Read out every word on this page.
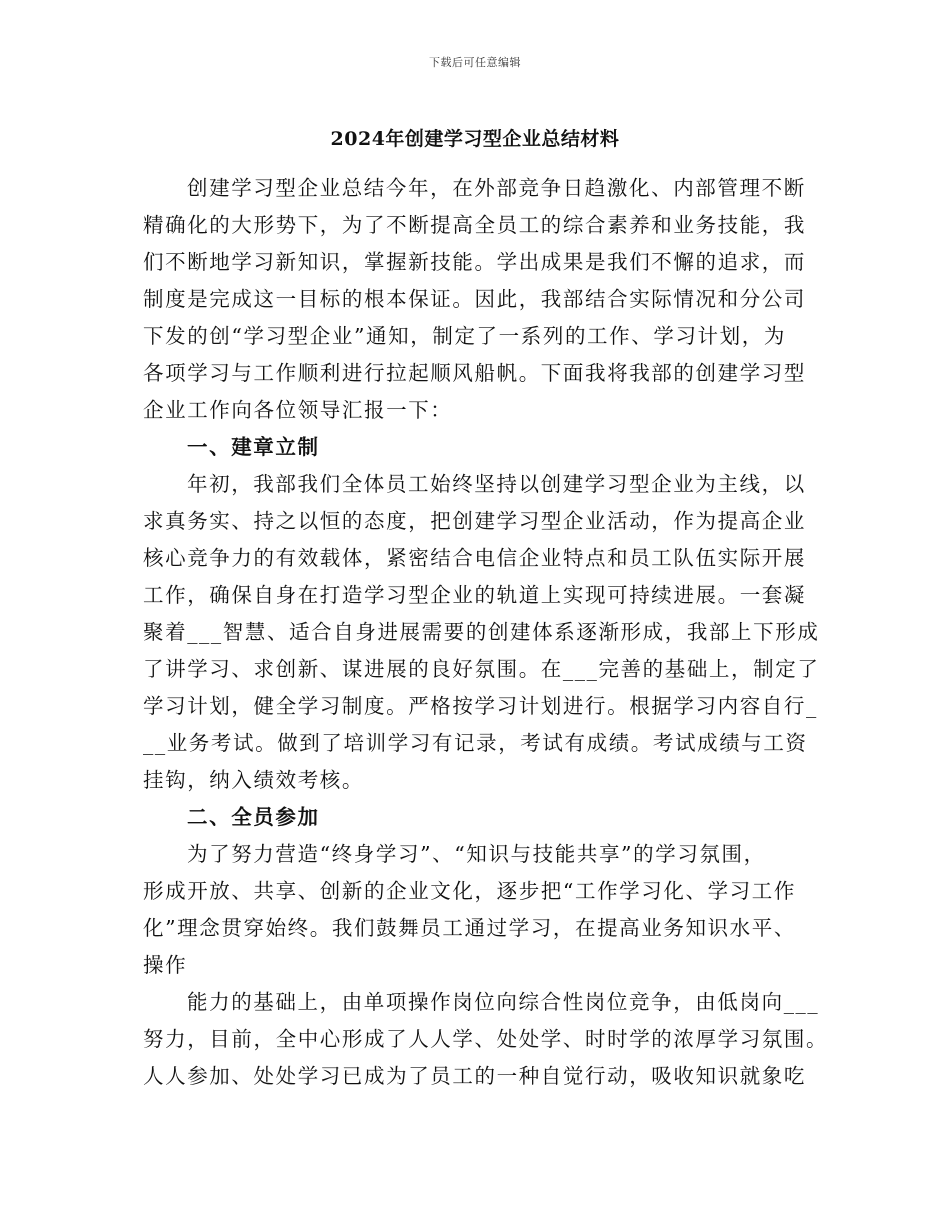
下载后可任意编辑
2024年创建学习型企业总结材料
创建学习型企业总结今年，在外部竞争日趋激化、内部管理不断
精确化的大形势下，为了不断提高全员工的综合素养和业务技能，我
们不断地学习新知识，掌握新技能。学出成果是我们不懈的追求，而
制度是完成这一目标的根本保证。因此，我部结合实际情况和分公司
下发的创“学习型企业”通知，制定了一系列的工作、学习计划，为
各项学习与工作顺利进行拉起顺风船帆。下面我将我部的创建学习型
企业工作向各位领导汇报一下：
一、建章立制
年初，我部我们全体员工始终坚持以创建学习型企业为主线，以
求真务实、持之以恒的态度，把创建学习型企业活动，作为提高企业
核心竞争力的有效载体，紧密结合电信企业特点和员工队伍实际开展
工作，确保自身在打造学习型企业的轨道上实现可持续进展。一套凝
聚着___智慧、适合自身进展需要的创建体系逐渐形成，我部上下形成
了讲学习、求创新、谋进展的良好氛围。在___完善的基础上，制定了
学习计划，健全学习制度。严格按学习计划进行。根据学习内容自行_
__业务考试。做到了培训学习有记录，考试有成绩。考试成绩与工资
挂钩，纳入绩效考核。
二、全员参加
为了努力营造“终身学习”、“知识与技能共享”的学习氛围，
形成开放、共享、创新的企业文化，逐步把“工作学习化、学习工作
化”理念贯穿始终。我们鼓舞员工通过学习，在提高业务知识水平、
操作
能力的基础上，由单项操作岗位向综合性岗位竞争，由低岗向___
努力，目前，全中心形成了人人学、处处学、时时学的浓厚学习氛围。
人人参加、处处学习已成为了员工的一种自觉行动，吸收知识就象吃
